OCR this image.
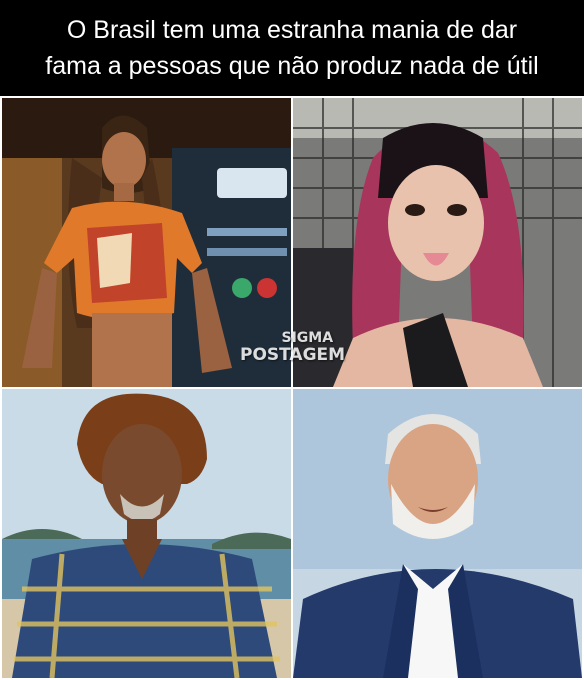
O Brasil tem uma estranha mania de dar
fama a pessoas que não produz nada de útil
SIGMA
POSTAGEM
